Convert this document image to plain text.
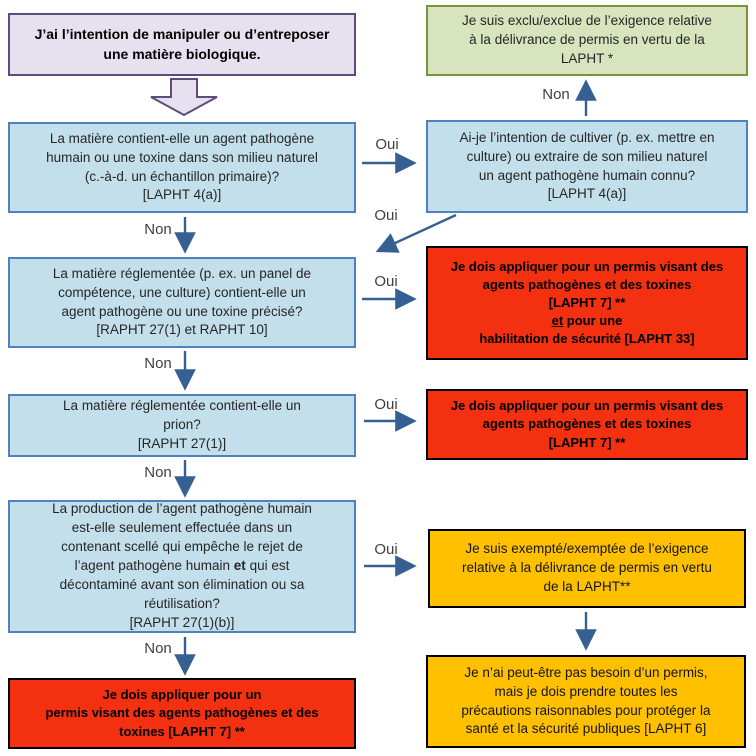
J’ai l’intention de manipuler ou d’entreposer
une matière biologique.
Je suis exclu/exclue de l’exigence relative
à la délivrance de permis en vertu de la
LAPHT *
La matière contient-elle un agent pathogène
humain ou une toxine dans son milieu naturel
(c.-à-d. un échantillon primaire)?
[LAPHT 4(a)]
Ai-je l’intention de cultiver (p. ex. mettre en
culture) ou extraire de son milieu naturel
un agent pathogène humain connu?
[LAPHT 4(a)]
La matière réglementée (p. ex. un panel de
compétence, une culture) contient-elle un
agent pathogène ou une toxine précisé?
[RAPHT 27(1) et RAPHT 10]
Je dois appliquer pour un permis visant des
agents pathogènes et des toxines
[LAPHT 7] **
et pour une
habilitation de sécurité [LAPHT 33]
La matière réglementée contient-elle un
prion?
[RAPHT 27(1)]
Je dois appliquer pour un permis visant des
agents pathogènes et des toxines
[LAPHT 7] **
La production de l’agent pathogène humain
est-elle seulement effectuée dans un
contenant scellé qui empêche le rejet de
l’agent pathogène humain et qui est
décontaminé avant son élimination ou sa
réutilisation?
[RAPHT 27(1)(b)]
Je suis exempté/exemptée de l’exigence
relative à la délivrance de permis en vertu
de la LAPHT**
Je dois appliquer pour un
permis visant des agents pathogènes et des
toxines [LAPHT 7] **
Je n’ai peut-être pas besoin d’un permis,
mais je dois prendre toutes les
précautions raisonnables pour protéger la
santé et la sécurité publiques [LAPHT 6]
Oui
Non
Non
Oui
Oui
Non
Oui
Non
Oui
Non
